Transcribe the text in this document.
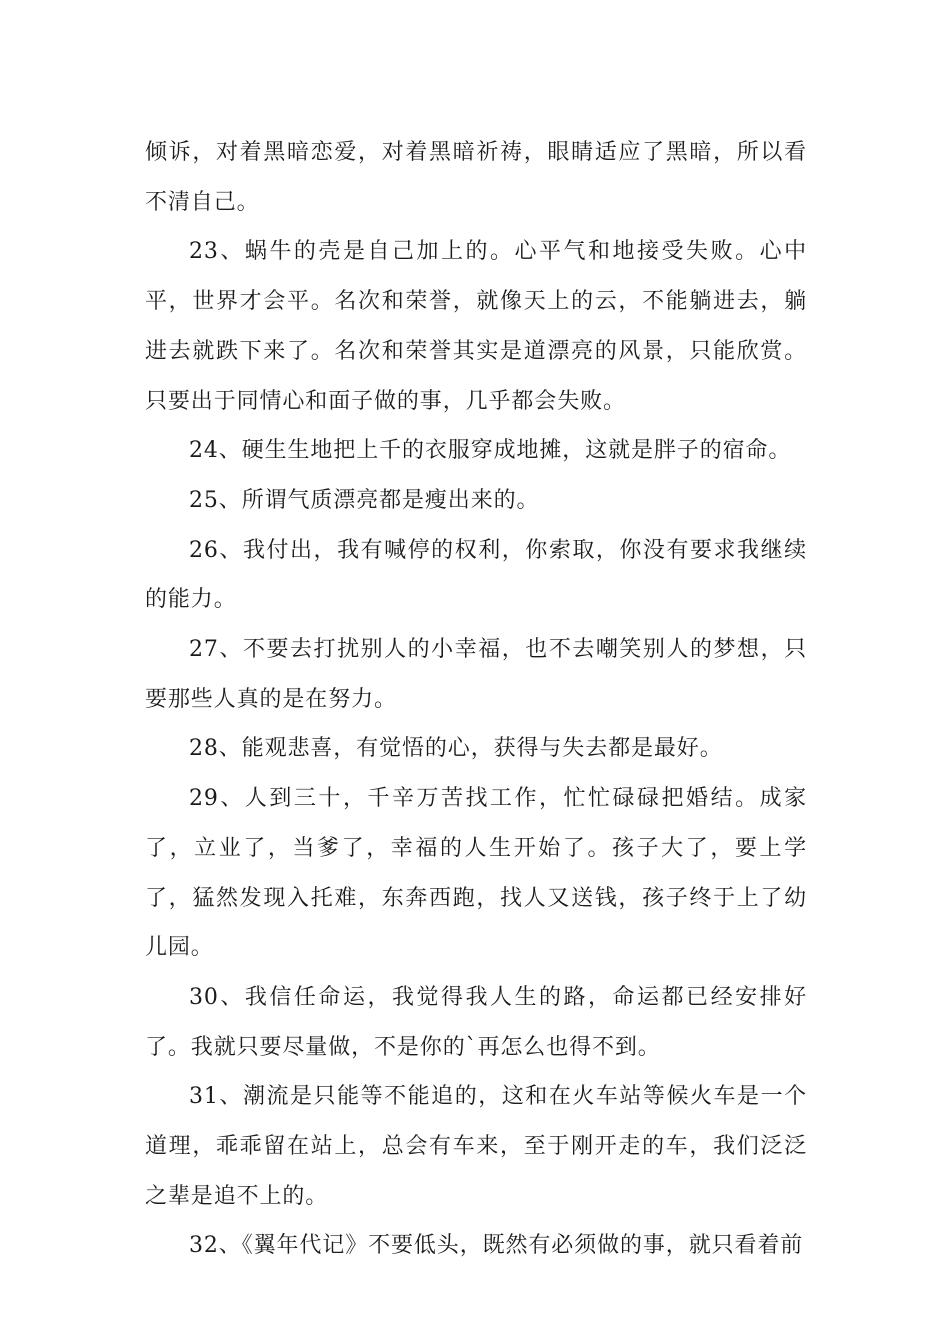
倾诉，对着黑暗恋爱，对着黑暗祈祷，眼睛适应了黑暗，所以看不清自己。

23、蜗牛的壳是自己加上的。心平气和地接受失败。心中平，世界才会平。名次和荣誉，就像天上的云，不能躺进去，躺进去就跌下来了。名次和荣誉其实是道漂亮的风景，只能欣赏。只要出于同情心和面子做的事，几乎都会失败。

24、硬生生地把上千的衣服穿成地摊，这就是胖子的宿命。

25、所谓气质漂亮都是瘦出来的。

26、我付出，我有喊停的权利，你索取，你没有要求我继续的能力。

27、不要去打扰别人的小幸福，也不去嘲笑别人的梦想，只要那些人真的是在努力。

28、能观悲喜，有觉悟的心，获得与失去都是最好。

29、人到三十，千辛万苦找工作，忙忙碌碌把婚结。成家了，立业了，当爹了，幸福的人生开始了。孩子大了，要上学了，猛然发现入托难，东奔西跑，找人又送钱，孩子终于上了幼儿园。

30、我信任命运，我觉得我人生的路，命运都已经安排好了。我就只要尽量做，不是你的`再怎么也得不到。

31、潮流是只能等不能追的，这和在火车站等候火车是一个道理，乖乖留在站上，总会有车来，至于刚开走的车，我们泛泛之辈是追不上的。

32、《翼年代记》不要低头，既然有必须做的事，就只看着前
